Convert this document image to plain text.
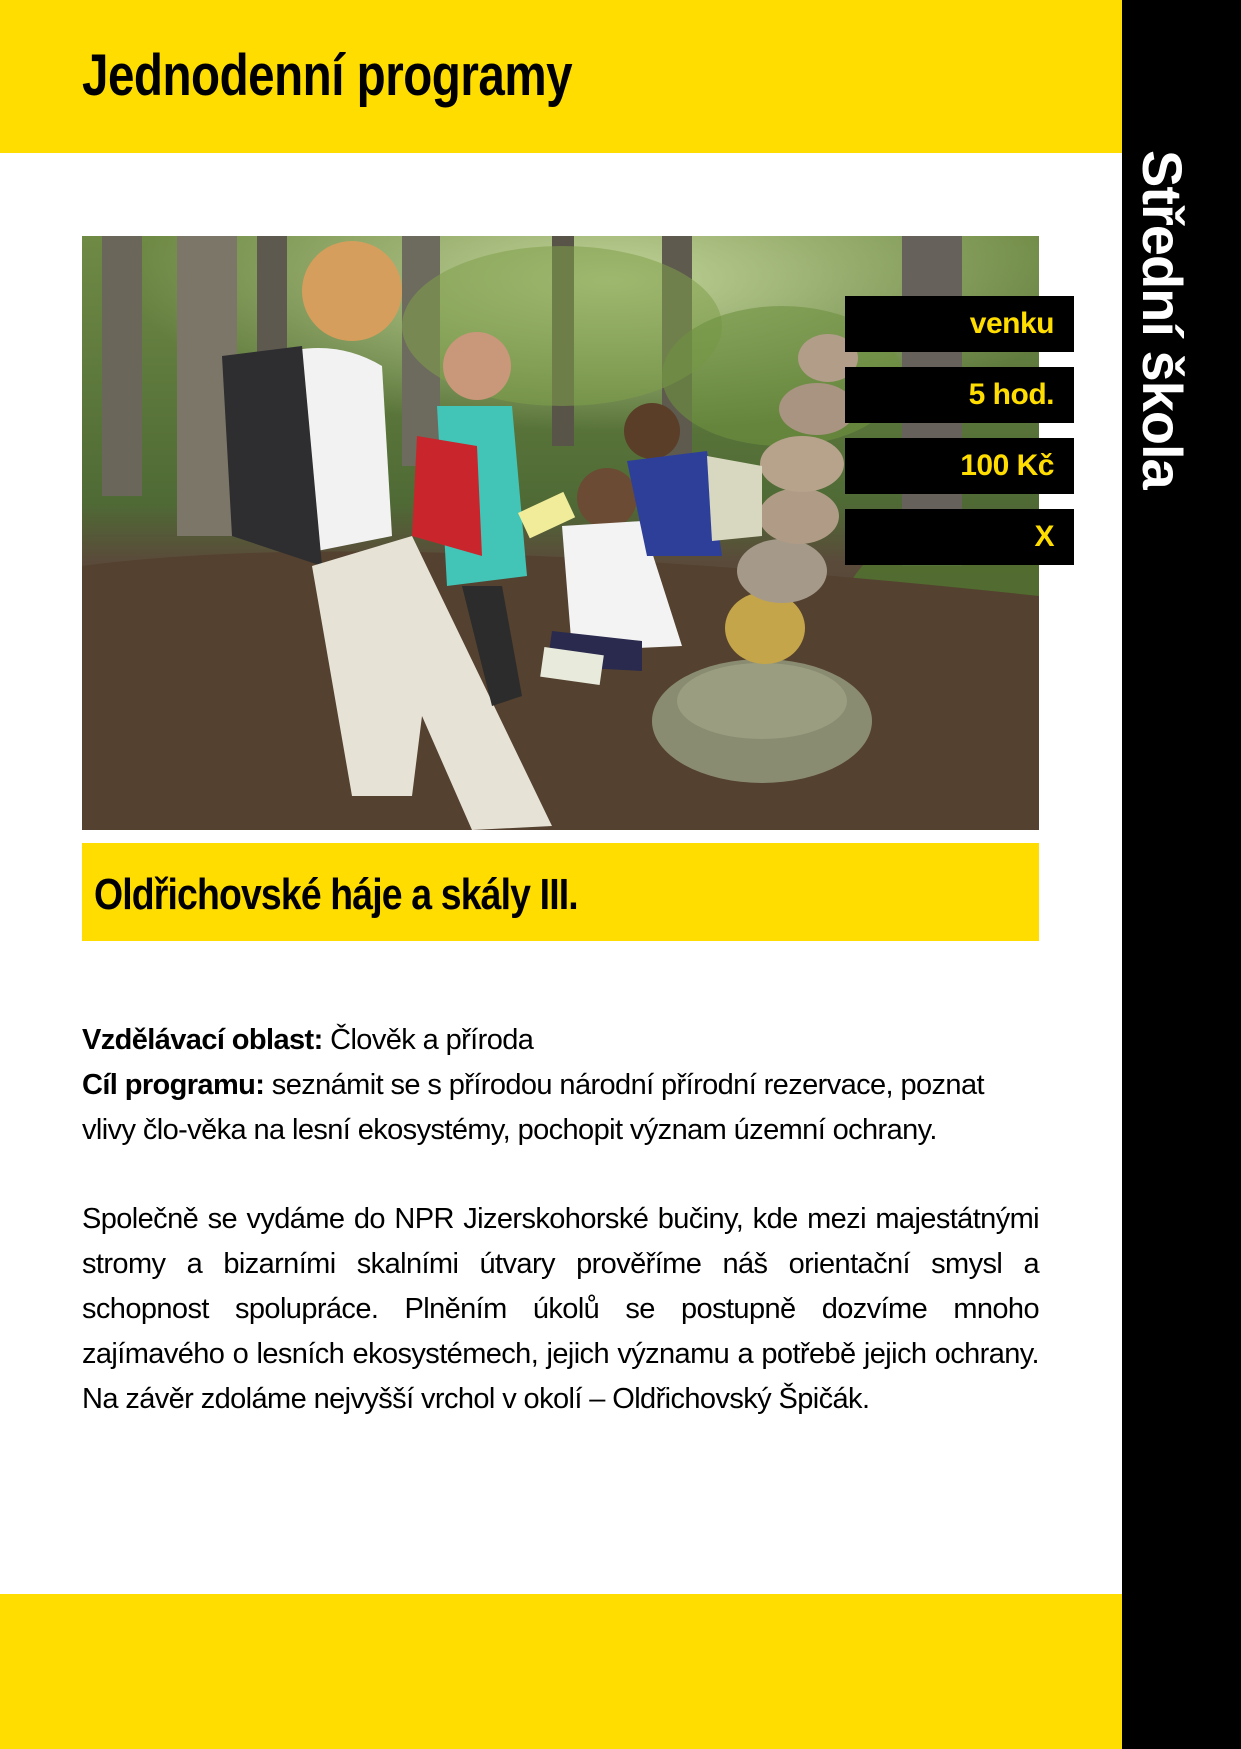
Jednodenní programy
Střední škola
venku
5 hod.
100 Kč
X
Oldřichovské háje a skály III.

Vzdělávací oblast: Člověk a příroda

Cíl programu: seznámit se s přírodou národní přírodní rezervace, poznat vlivy člo-věka na lesní ekosystémy, pochopit význam územní ochrany.

Společně se vydáme do NPR Jizerskohorské bučiny, kde mezi majestátnými stromy a bizarními skalními útvary prověříme náš orientační smysl a schopnost spolupráce. Plněním úkolů se postupně dozvíme mnoho zajímavého o lesních ekosystémech, jejich významu a potřebě jejich ochrany. Na závěr zdoláme nejvyšší vrchol v okolí – Oldřichovský Špičák.
